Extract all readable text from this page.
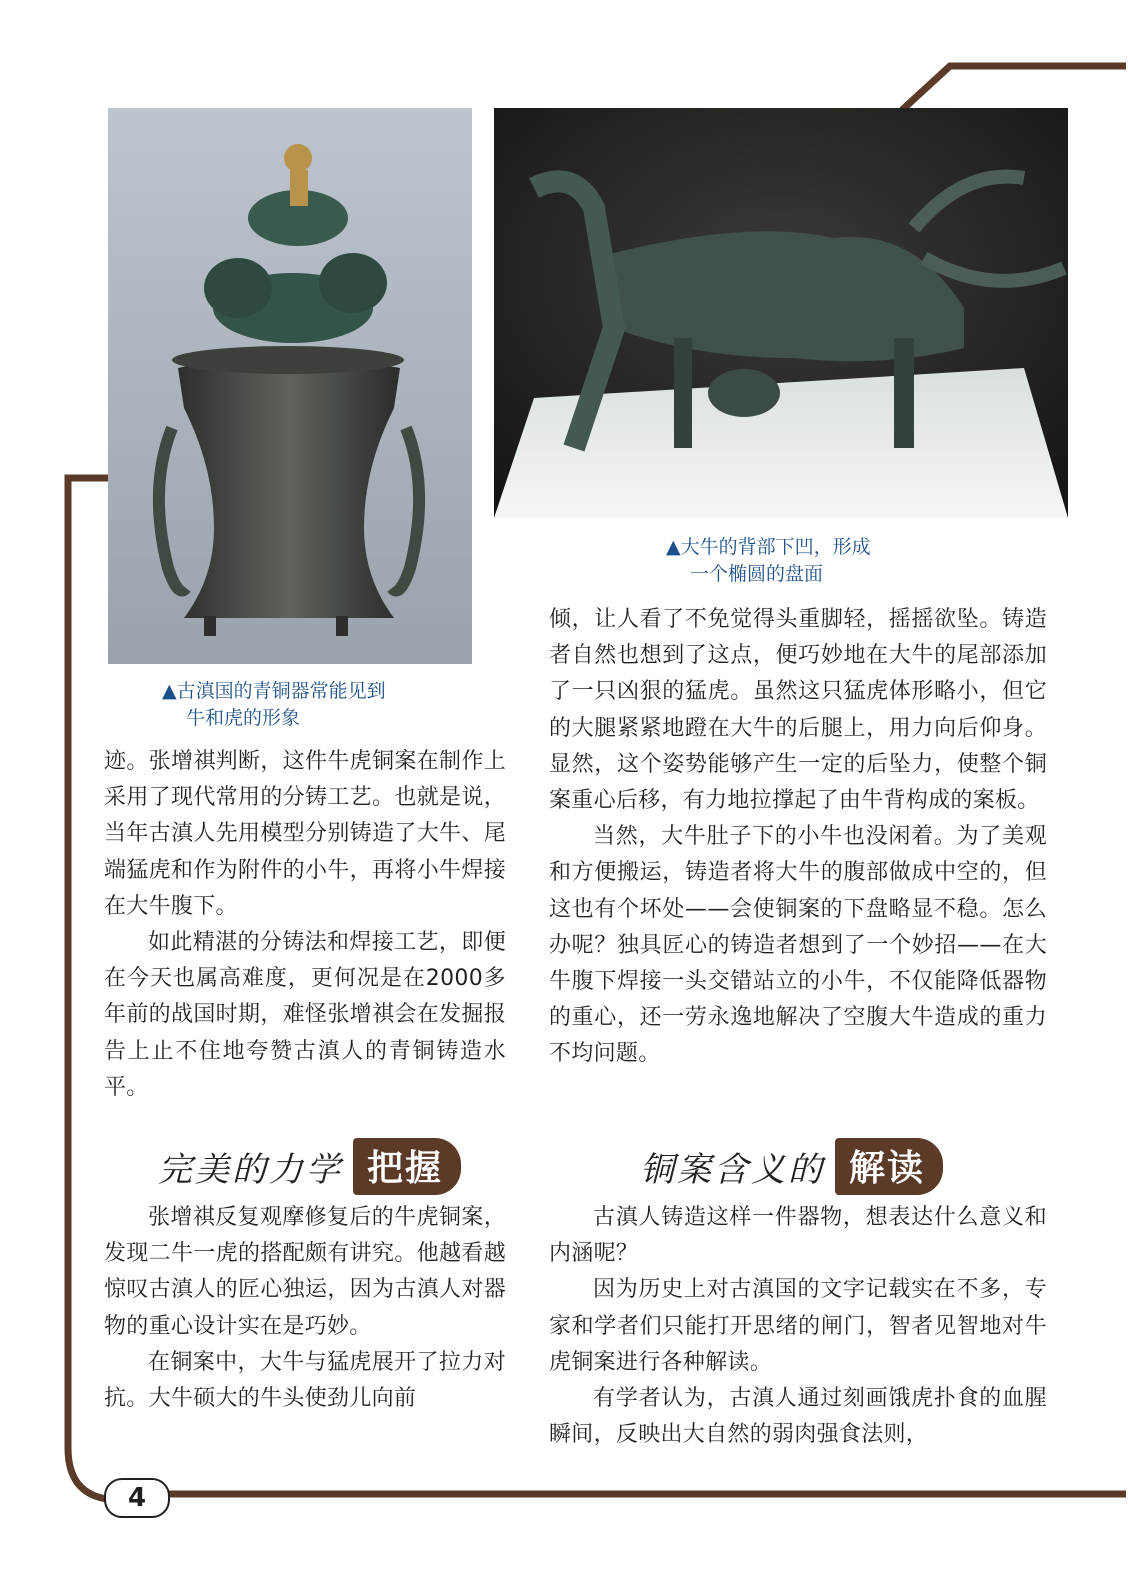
▲古滇国的青铜器常能见到
牛和虎的形象
▲大牛的背部下凹，形成
一个椭圆的盘面

迹。张增祺判断，这件牛虎铜案在制作上采用了现代常用的分铸工艺。也就是说，当年古滇人先用模型分别铸造了大牛、尾端猛虎和作为附件的小牛，再将小牛焊接在大牛腹下。

如此精湛的分铸法和焊接工艺，即便在今天也属高难度，更何况是在2000多年前的战国时期，难怪张增祺会在发掘报告上止不住地夸赞古滇人的青铜铸造水平。

完美的力学 把握

张增祺反复观摩修复后的牛虎铜案，发现二牛一虎的搭配颇有讲究。他越看越惊叹古滇人的匠心独运，因为古滇人对器物的重心设计实在是巧妙。

在铜案中，大牛与猛虎展开了拉力对抗。大牛硕大的牛头使劲儿向前

倾，让人看了不免觉得头重脚轻，摇摇欲坠。铸造者自然也想到了这点，便巧妙地在大牛的尾部添加了一只凶狠的猛虎。虽然这只猛虎体形略小，但它的大腿紧紧地蹬在大牛的后腿上，用力向后仰身。显然，这个姿势能够产生一定的后坠力，使整个铜案重心后移，有力地拉撑起了由牛背构成的案板。

当然，大牛肚子下的小牛也没闲着。为了美观和方便搬运，铸造者将大牛的腹部做成中空的，但这也有个坏处——会使铜案的下盘略显不稳。怎么办呢？独具匠心的铸造者想到了一个妙招——在大牛腹下焊接一头交错站立的小牛，不仅能降低器物的重心，还一劳永逸地解决了空腹大牛造成的重力不均问题。

铜案含义的 解读

古滇人铸造这样一件器物，想表达什么意义和内涵呢？

因为历史上对古滇国的文字记载实在不多，专家和学者们只能打开思绪的闸门，智者见智地对牛虎铜案进行各种解读。

有学者认为，古滇人通过刻画饿虎扑食的血腥瞬间，反映出大自然的弱肉强食法则，

4
